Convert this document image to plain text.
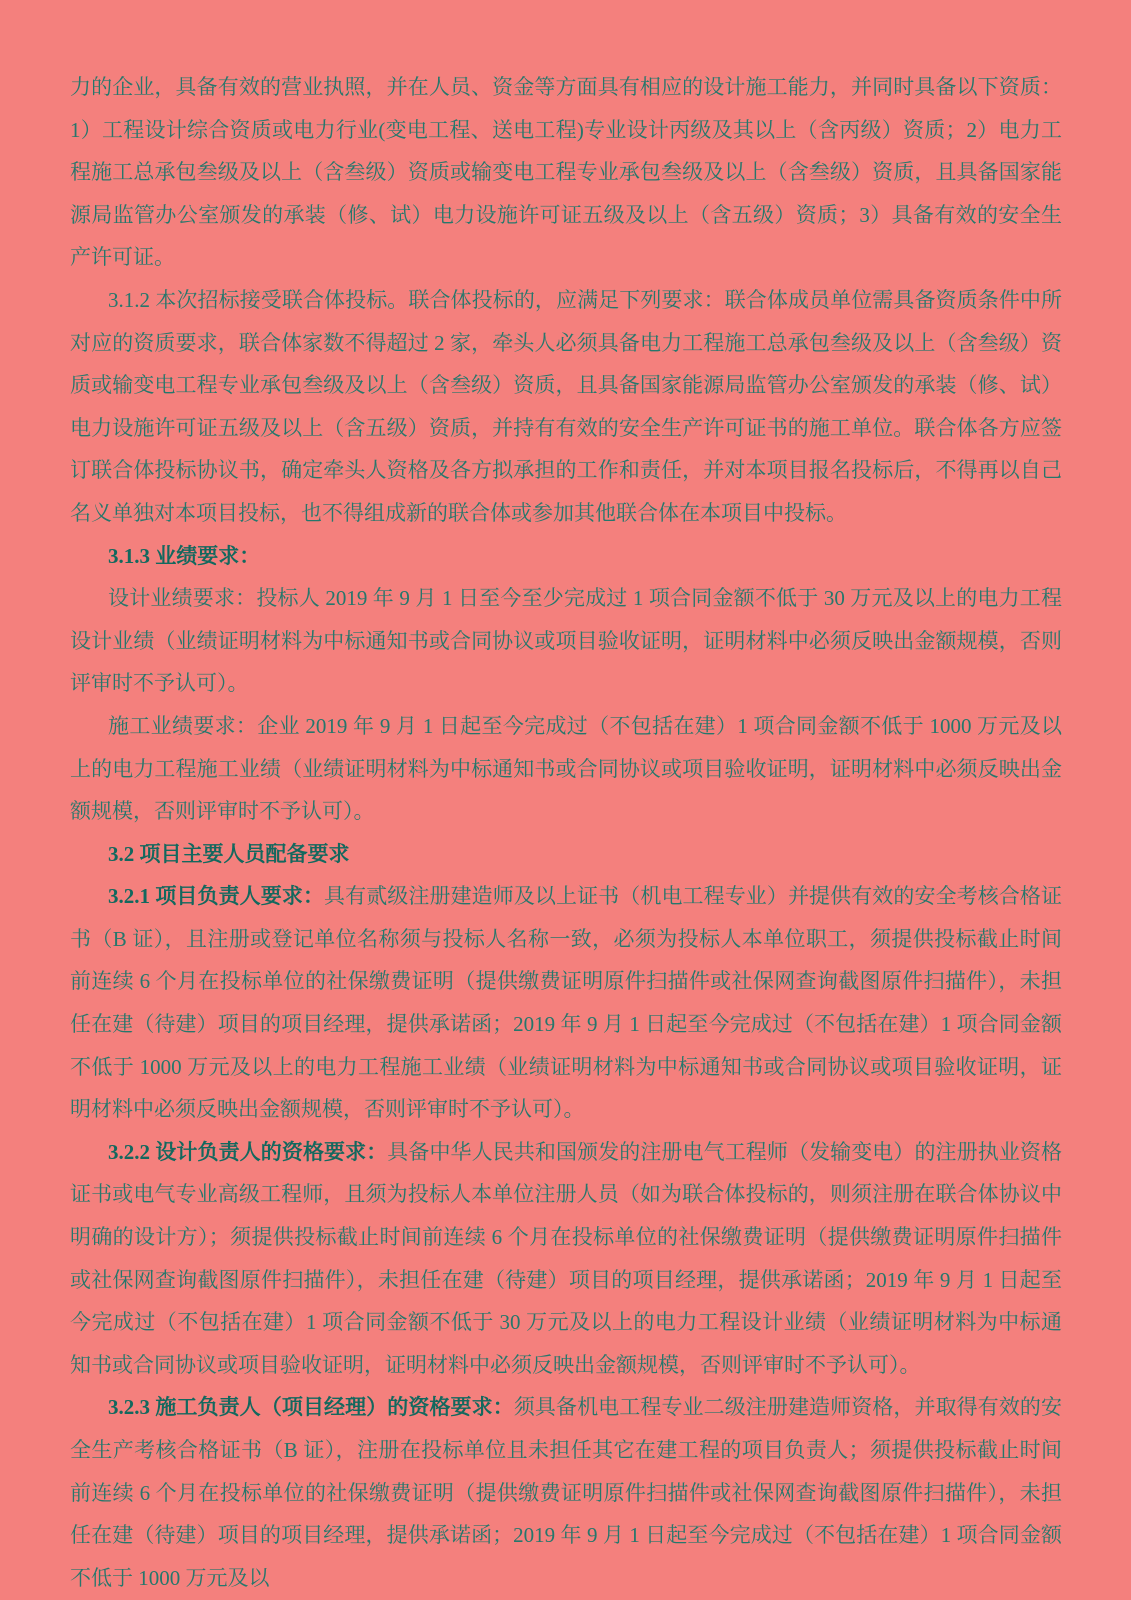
力的企业，具备有效的营业执照，并在人员、资金等方面具有相应的设计施工能力，并同时具备以下资质：1）工程设计综合资质或电力行业(变电工程、送电工程)专业设计丙级及其以上（含丙级）资质；2）电力工程施工总承包叁级及以上（含叁级）资质或输变电工程专业承包叁级及以上（含叁级）资质，且具备国家能源局监管办公室颁发的承装（修、试）电力设施许可证五级及以上（含五级）资质；3）具备有效的安全生产许可证。

3.1.2 本次招标接受联合体投标。联合体投标的，应满足下列要求：联合体成员单位需具备资质条件中所对应的资质要求，联合体家数不得超过 2 家，牵头人必须具备电力工程施工总承包叁级及以上（含叁级）资质或输变电工程专业承包叁级及以上（含叁级）资质，且具备国家能源局监管办公室颁发的承装（修、试）电力设施许可证五级及以上（含五级）资质，并持有有效的安全生产许可证书的施工单位。联合体各方应签订联合体投标协议书，确定牵头人资格及各方拟承担的工作和责任，并对本项目报名投标后，不得再以自己名义单独对本项目投标，也不得组成新的联合体或参加其他联合体在本项目中投标。

3.1.3 业绩要求：

设计业绩要求：投标人 2019 年 9 月 1 日至今至少完成过 1 项合同金额不低于 30 万元及以上的电力工程设计业绩（业绩证明材料为中标通知书或合同协议或项目验收证明，证明材料中必须反映出金额规模，否则评审时不予认可）。

施工业绩要求：企业 2019 年 9 月 1 日起至今完成过（不包括在建）1 项合同金额不低于 1000 万元及以上的电力工程施工业绩（业绩证明材料为中标通知书或合同协议或项目验收证明，证明材料中必须反映出金额规模，否则评审时不予认可）。

3.2 项目主要人员配备要求

3.2.1 项目负责人要求：具有贰级注册建造师及以上证书（机电工程专业）并提供有效的安全考核合格证书（B 证），且注册或登记单位名称须与投标人名称一致，必须为投标人本单位职工，须提供投标截止时间前连续 6 个月在投标单位的社保缴费证明（提供缴费证明原件扫描件或社保网查询截图原件扫描件），未担任在建（待建）项目的项目经理，提供承诺函；2019 年 9 月 1 日起至今完成过（不包括在建）1 项合同金额不低于 1000 万元及以上的电力工程施工业绩（业绩证明材料为中标通知书或合同协议或项目验收证明，证明材料中必须反映出金额规模，否则评审时不予认可）。

3.2.2 设计负责人的资格要求：具备中华人民共和国颁发的注册电气工程师（发输变电）的注册执业资格证书或电气专业高级工程师，且须为投标人本单位注册人员（如为联合体投标的，则须注册在联合体协议中明确的设计方）；须提供投标截止时间前连续 6 个月在投标单位的社保缴费证明（提供缴费证明原件扫描件或社保网查询截图原件扫描件），未担任在建（待建）项目的项目经理，提供承诺函；2019 年 9 月 1 日起至今完成过（不包括在建）1 项合同金额不低于 30 万元及以上的电力工程设计业绩（业绩证明材料为中标通知书或合同协议或项目验收证明，证明材料中必须反映出金额规模，否则评审时不予认可）。

3.2.3 施工负责人（项目经理）的资格要求：须具备机电工程专业二级注册建造师资格，并取得有效的安全生产考核合格证书（B 证），注册在投标单位且未担任其它在建工程的项目负责人；须提供投标截止时间前连续 6 个月在投标单位的社保缴费证明（提供缴费证明原件扫描件或社保网查询截图原件扫描件），未担任在建（待建）项目的项目经理，提供承诺函；2019 年 9 月 1 日起至今完成过（不包括在建）1 项合同金额不低于 1000 万元及以
